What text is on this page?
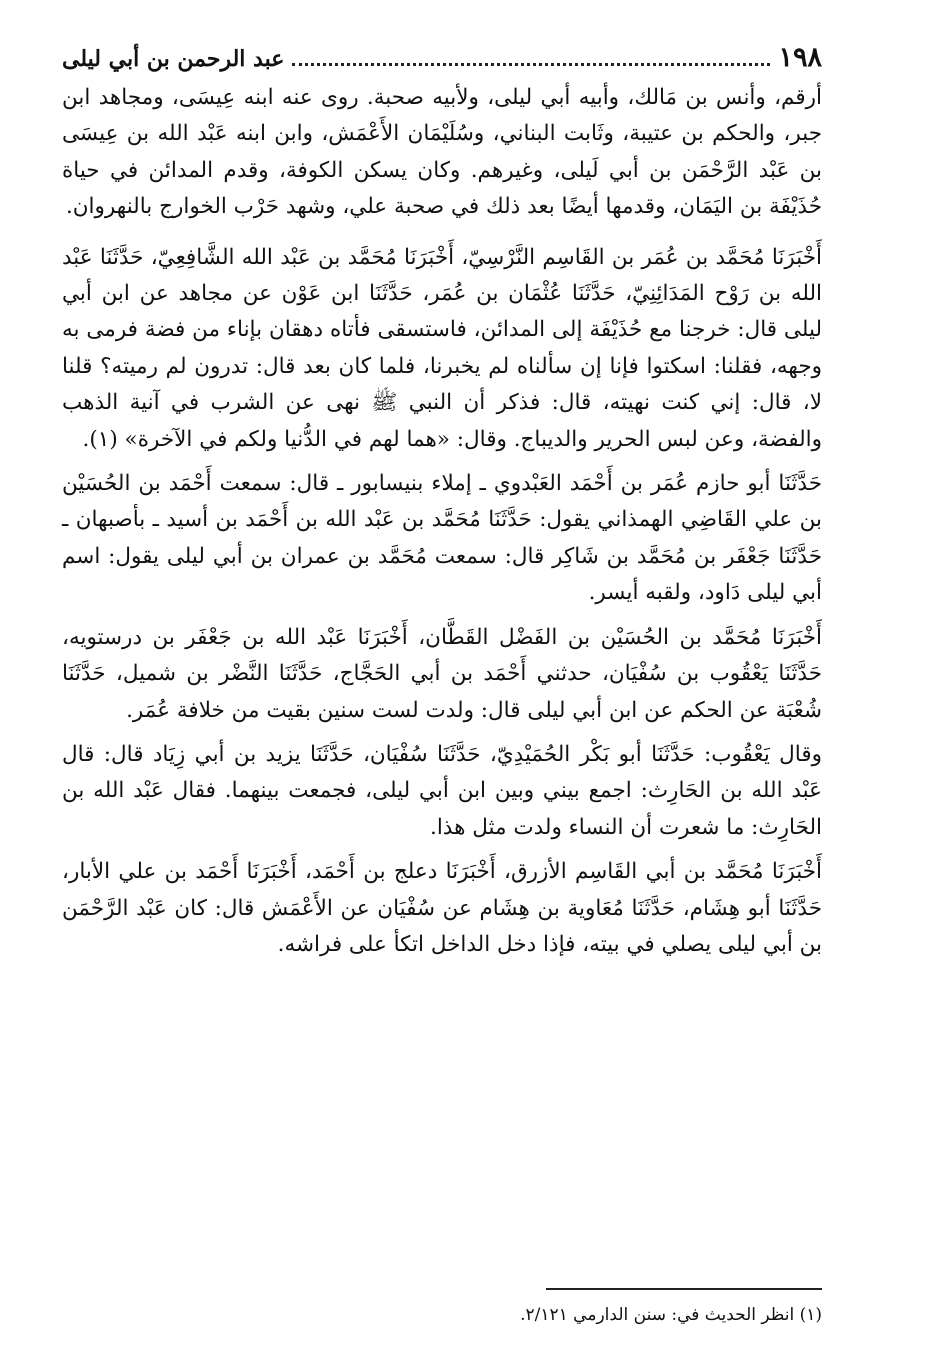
١٩٨
عبد الرحمن بن أبي ليلى

أرقم، وأنس بن مَالك، وأبيه أبي ليلى، ولأبيه صحبة. روى عنه ابنه عِيسَى، ومجاهد ابن جبر، والحكم بن عتيبة، وثَابت البناني، وسُلَيْمَان الأَعْمَش، وابن ابنه عَبْد الله بن عِيسَى بن عَبْد الرَّحْمَن بن أبي لَيلى، وغيرهم. وكان يسكن الكوفة، وقدم المدائن في حياة حُذَيْفَة بن اليَمَان، وقدمها أيضًا بعد ذلك في صحبة علي، وشهد حَرْب الخوارج بالنهروان.

أَخْبَرَنَا مُحَمَّد بن عُمَر بن القَاسِم النَّرْسِيّ، أَخْبَرَنَا مُحَمَّد بن عَبْد الله الشَّافِعِيّ، حَدَّثَنَا عَبْد الله بن رَوْح المَدَائِنِيّ، حَدَّثَنَا عُثْمَان بن عُمَر، حَدَّثَنَا ابن عَوْن عن مجاهد عن ابن أبي ليلى قال: خرجنا مع حُذَيْفَة إلى المدائن، فاستسقى فأتاه دهقان بإناء من فضة فرمى به وجهه، فقلنا: اسكتوا فإنا إن سألناه لم يخبرنا، فلما كان بعد قال: تدرون لم رميته؟ قلنا لا، قال: إني كنت نهيته، قال: فذكر أن النبي ﷺ نهى عن الشرب في آنية الذهب والفضة، وعن لبس الحرير والديباج. وقال: «هما لهم في الدُّنيا ولكم في الآخرة» (١).

حَدَّثَنَا أبو حازم عُمَر بن أَحْمَد العَبْدوي ـ إملاء بنيسابور ـ قال: سمعت أَحْمَد بن الحُسَيْن بن علي القَاضِي الهمذاني يقول: حَدَّثَنَا مُحَمَّد بن عَبْد الله بن أَحْمَد بن أسيد ـ بأصبهان ـ حَدَّثَنَا جَعْفَر بن مُحَمَّد بن شَاكِر قال: سمعت مُحَمَّد بن عمران بن أبي ليلى يقول: اسم أبي ليلى دَاود، ولقبه أيسر.

أَخْبَرَنَا مُحَمَّد بن الحُسَيْن بن الفَضْل القَطَّان، أَخْبَرَنَا عَبْد الله بن جَعْفَر بن درستويه، حَدَّثَنَا يَعْقُوب بن سُفْيَان، حدثني أَحْمَد بن أبي الحَجَّاج، حَدَّثَنَا النَّضْر بن شميل، حَدَّثَنَا شُعْبَة عن الحكم عن ابن أبي ليلى قال: ولدت لست سنين بقيت من خلافة عُمَر.

وقال يَعْقُوب: حَدَّثَنَا أبو بَكْر الحُمَيْدِيّ، حَدَّثَنَا سُفْيَان، حَدَّثَنَا يزيد بن أبي زِيَاد قال: قال عَبْد الله بن الحَارِث: اجمع بيني وبين ابن أبي ليلى، فجمعت بينهما. فقال عَبْد الله بن الحَارِث: ما شعرت أن النساء ولدت مثل هذا.

أَخْبَرَنَا مُحَمَّد بن أبي القَاسِم الأزرق، أَخْبَرَنَا دعلج بن أَحْمَد، أَخْبَرَنَا أَحْمَد بن علي الأبار، حَدَّثَنَا أبو هِشَام، حَدَّثَنَا مُعَاوية بن هِشَام عن سُفْيَان عن الأَعْمَش قال: كان عَبْد الرَّحْمَن بن أبي ليلى يصلي في بيته، فإذا دخل الداخل اتكأ على فراشه.

(١) انظر الحديث في: سنن الدارمي ٢/١٢١.
